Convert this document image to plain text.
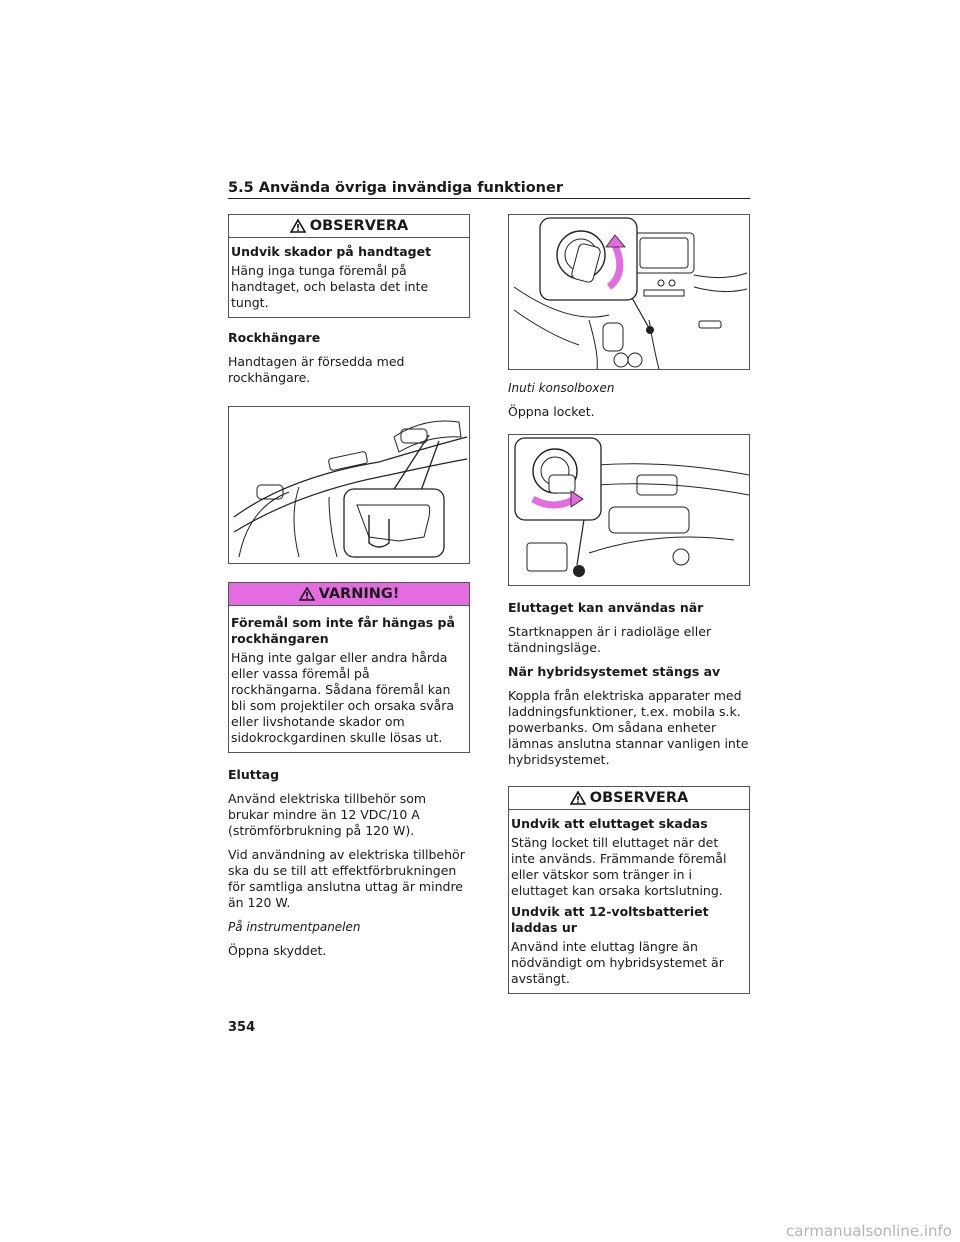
5.5 Använda övriga invändiga funktioner
OBSERVERA

Undvik skador på handtaget

Häng inga tunga föremål på handtaget, och belasta det inte tungt.

Rockhängare

Handtagen är försedda med rockhängare.

VARNING!

Föremål som inte får hängas på rockhängaren

Häng inte galgar eller andra hårda eller vassa föremål på rockhängarna. Sådana föremål kan bli som projektiler och orsaka svåra eller livshotande skador om sidokrockgardinen skulle lösas ut.

Eluttag

Använd elektriska tillbehör som brukar mindre än 12 VDC/10 A (strömförbrukning på 120 W).

Vid användning av elektriska tillbehör ska du se till att effektförbrukningen för samtliga anslutna uttag är mindre än 120 W.

På instrumentpanelen

Öppna skyddet.

Inuti konsolboxen

Öppna locket.

Eluttaget kan användas när

Startknappen är i radioläge eller tändningsläge.

När hybridsystemet stängs av

Koppla från elektriska apparater med laddningsfunktioner, t.ex. mobila s.k. powerbanks. Om sådana enheter lämnas anslutna stannar vanligen inte hybridsystemet.

OBSERVERA

Undvik att eluttaget skadas

Stäng locket till eluttaget när det inte används. Främmande föremål eller vätskor som tränger in i eluttaget kan orsaka kortslutning.

Undvik att 12-voltsbatteriet laddas ur

Använd inte eluttag längre än nödvändigt om hybridsystemet är avstängt.

354
carmanualsonline.info
